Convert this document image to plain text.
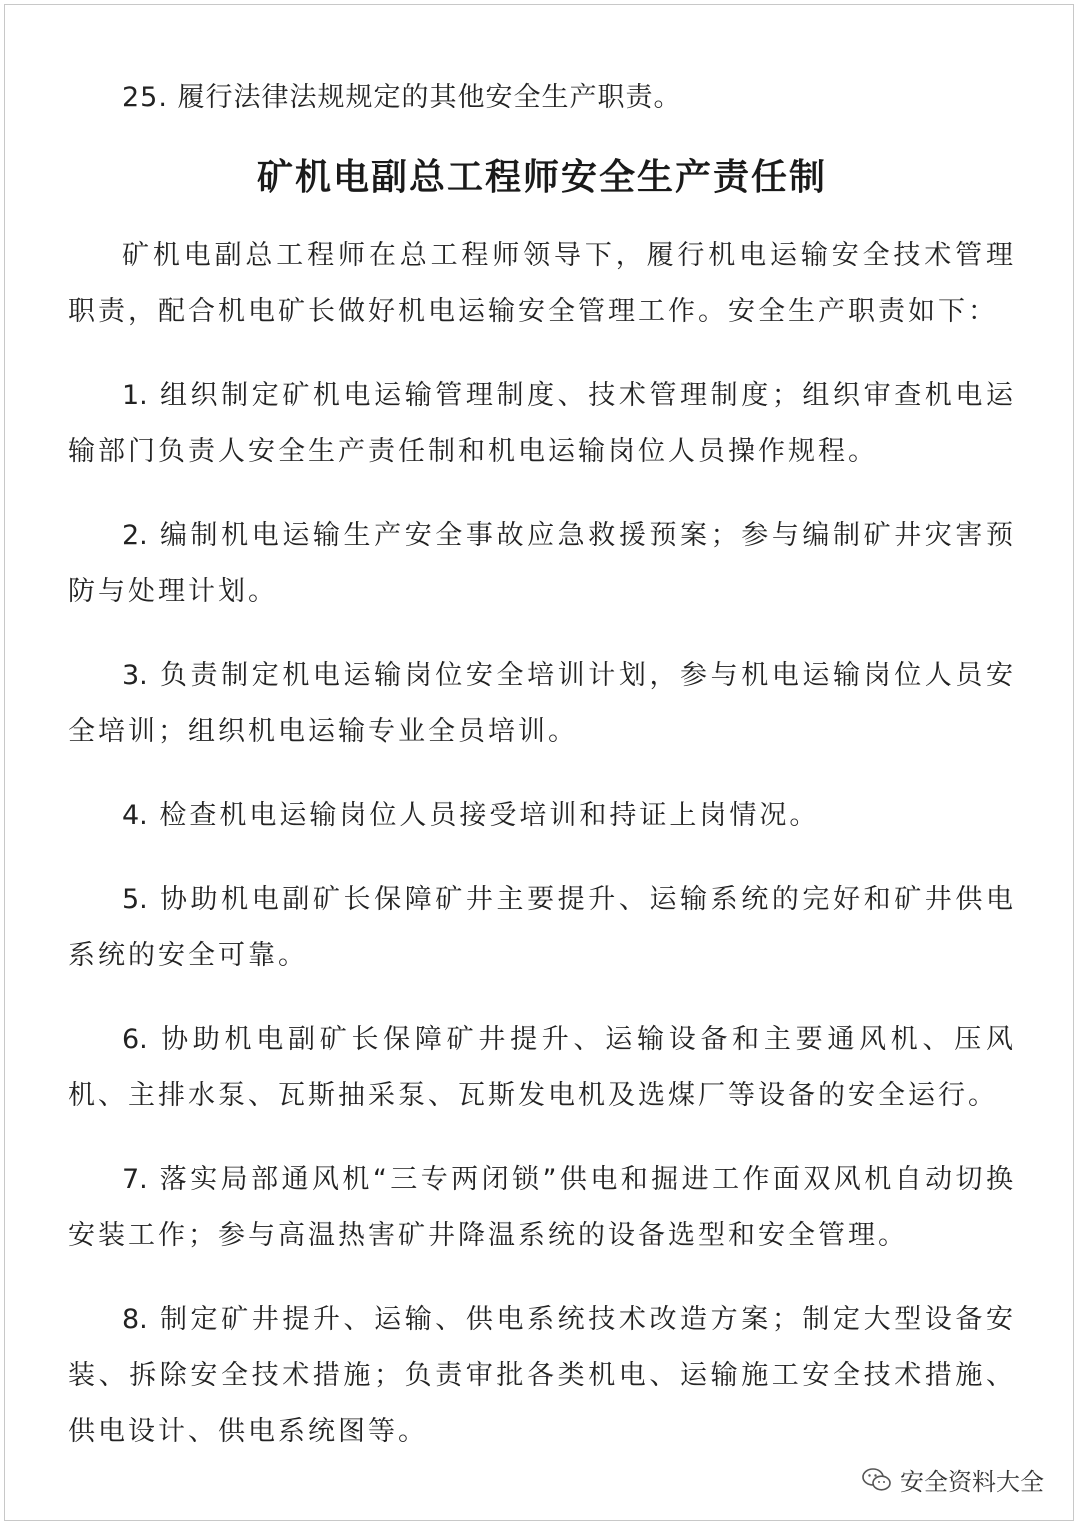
25. 履行法律法规规定的其他安全生产职责。
矿机电副总工程师安全生产责任制
矿机电副总工程师在总工程师领导下，履行机电运输安全技术管理职责，配合机电矿长做好机电运输安全管理工作。安全生产职责如下：
1. 组织制定矿机电运输管理制度、技术管理制度；组织审查机电运输部门负责人安全生产责任制和机电运输岗位人员操作规程。
2. 编制机电运输生产安全事故应急救援预案；参与编制矿井灾害预防与处理计划。
3. 负责制定机电运输岗位安全培训计划，参与机电运输岗位人员安全培训；组织机电运输专业全员培训。
4. 检查机电运输岗位人员接受培训和持证上岗情况。
5. 协助机电副矿长保障矿井主要提升、运输系统的完好和矿井供电系统的安全可靠。
6. 协助机电副矿长保障矿井提升、运输设备和主要通风机、压风机、主排水泵、瓦斯抽采泵、瓦斯发电机及选煤厂等设备的安全运行。
7. 落实局部通风机“三专两闭锁”供电和掘进工作面双风机自动切换安装工作；参与高温热害矿井降温系统的设备选型和安全管理。
8. 制定矿井提升、运输、供电系统技术改造方案；制定大型设备安装、拆除安全技术措施；负责审批各类机电、运输施工安全技术措施、供电设计、供电系统图等。
安全资料大全
